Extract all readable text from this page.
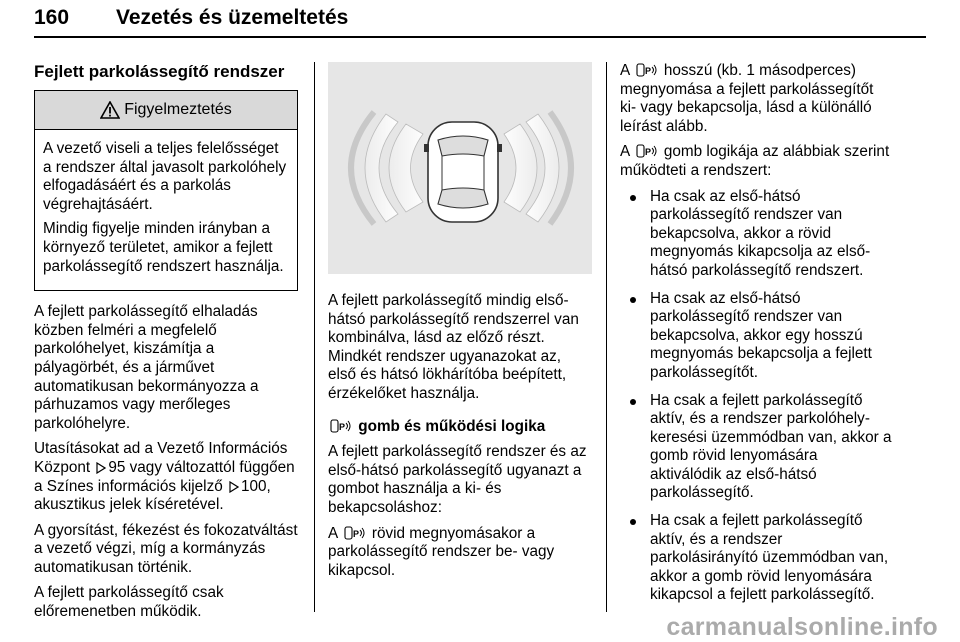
160 Vezetés és üzemeltetés
Fejlett parkolássegítő rendszer
Figyelmeztetés

A vezető viseli a teljes felelősséget a rendszer által javasolt parkolóhely elfogadásáért és a parkolás végrehajtásáért.

Mindig figyelje minden irányban a környező területet, amikor a fejlett parkolássegítő rendszert használja.

A fejlett parkolássegítő elhaladás közben felméri a megfelelő parkolóhelyet, kiszámítja a pályagörbét, és a járművet automatikusan bekormányozza a párhuzamos vagy merőleges parkolóhelyre.

Utasításokat ad a Vezető Információs Központ 95 vagy változattól függően a Színes információs kijelző 100, akusztikus jelek kíséretével.

A gyorsítást, fékezést és fokozatváltást a vezető végzi, míg a kormányzás automatikusan történik.

A fejlett parkolássegítő csak előremenetben működik.

A fejlett parkolássegítő mindig első-hátsó parkolássegítő rendszerrel van kombinálva, lásd az előző részt. Mindkét rendszer ugyanazokat az, első és hátsó lökhárítóba beépített, érzékelőket használja.

P gomb és működési logika

A fejlett parkolássegítő rendszer és az első-hátsó parkolássegítő ugyanazt a gombot használja a ki- és bekapcsoláshoz:

A P rövid megnyomásakor a parkolássegítő rendszer be- vagy kikapcsol.

A P hosszú (kb. 1 másodperces) megnyomása a fejlett parkolássegítőt ki- vagy bekapcsolja, lásd a különálló leírást alább.

A P gomb logikája az alábbiak szerint működteti a rendszert:

Ha csak az első-hátsó parkolássegítő rendszer van bekapcsolva, akkor a rövid megnyomás kikapcsolja az első-hátsó parkolássegítő rendszert.
Ha csak az első-hátsó parkolássegítő rendszer van bekapcsolva, akkor egy hosszú megnyomás bekapcsolja a fejlett parkolássegítőt.
Ha csak a fejlett parkolássegítő aktív, és a rendszer parkolóhely-keresési üzemmódban van, akkor a gomb rövid lenyomására aktiválódik az első-hátsó parkolássegítő.
Ha csak a fejlett parkolássegítő aktív, és a rendszer parkolásirányító üzemmódban van, akkor a gomb rövid lenyomására kikapcsol a fejlett parkolássegítő.
carmanualsonline.info
